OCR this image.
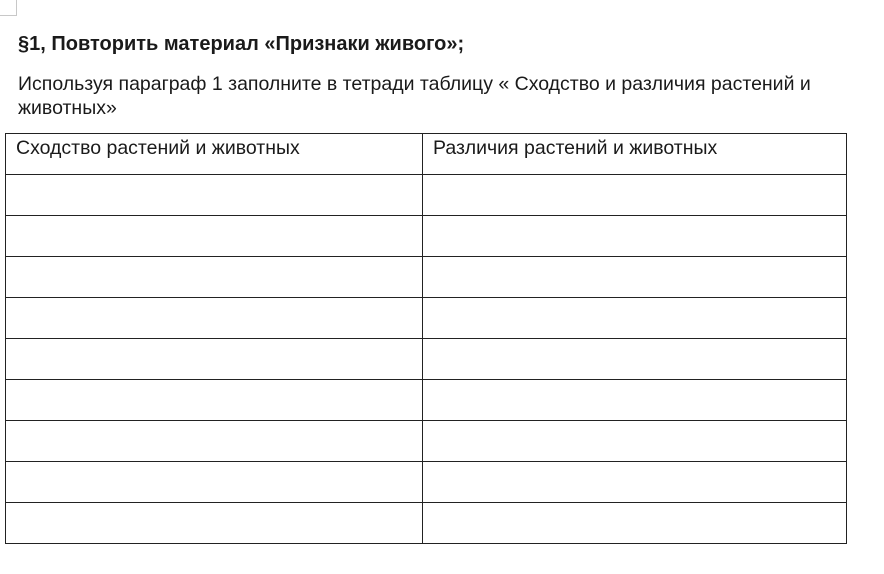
§1, Повторить материал «Признаки живого»;
Используя параграф 1 заполните в тетради таблицу « Сходство и различия растений и
животных»
Сходство растений и животных	Различия растений и животных
